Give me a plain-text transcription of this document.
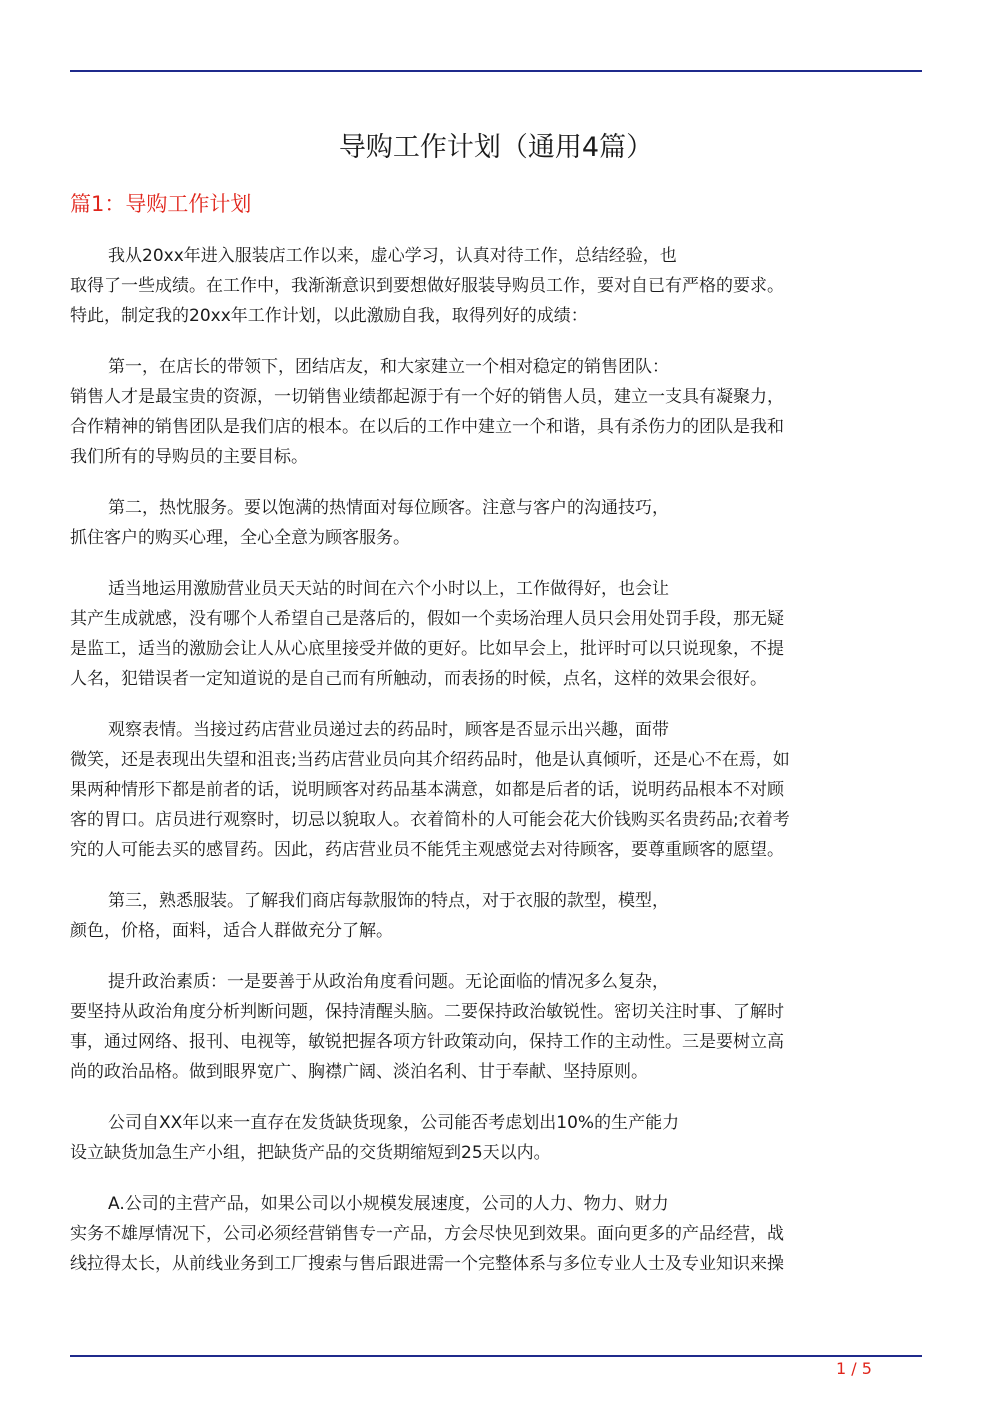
导购工作计划（通用4篇）
篇1：导购工作计划

我从20xx年进入服装店工作以来，虚心学习，认真对待工作，总结经验，也
取得了一些成绩。在工作中，我渐渐意识到要想做好服装导购员工作，要对自已有严格的要求。
特此，制定我的20xx年工作计划，以此激励自我，取得列好的成绩：

第一，在店长的带领下，团结店友，和大家建立一个相对稳定的销售团队：
销售人才是最宝贵的资源，一切销售业绩都起源于有一个好的销售人员，建立一支具有凝聚力，
合作精神的销售团队是我们店的根本。在以后的工作中建立一个和谐，具有杀伤力的团队是我和
我们所有的导购员的主要目标。

第二，热忱服务。要以饱满的热情面对每位顾客。注意与客户的沟通技巧，
抓住客户的购买心理，全心全意为顾客服务。

适当地运用激励营业员天天站的时间在六个小时以上，工作做得好，也会让
其产生成就感，没有哪个人希望自己是落后的，假如一个卖场治理人员只会用处罚手段，那无疑
是监工，适当的激励会让人从心底里接受并做的更好。比如早会上，批评时可以只说现象，不提
人名，犯错误者一定知道说的是自己而有所触动，而表扬的时候，点名，这样的效果会很好。

观察表情。当接过药店营业员递过去的药品时，顾客是否显示出兴趣，面带
微笑，还是表现出失望和沮丧;当药店营业员向其介绍药品时，他是认真倾听，还是心不在焉，如
果两种情形下都是前者的话，说明顾客对药品基本满意，如都是后者的话，说明药品根本不对顾
客的胃口。店员进行观察时，切忌以貌取人。衣着简朴的人可能会花大价钱购买名贵药品;衣着考
究的人可能去买的感冒药。因此，药店营业员不能凭主观感觉去对待顾客，要尊重顾客的愿望。

第三，熟悉服装。了解我们商店每款服饰的特点，对于衣服的款型，模型，
颜色，价格，面料，适合人群做充分了解。

提升政治素质：一是要善于从政治角度看问题。无论面临的情况多么复杂，
要坚持从政治角度分析判断问题，保持清醒头脑。二要保持政治敏锐性。密切关注时事、了解时
事，通过网络、报刊、电视等，敏锐把握各项方针政策动向，保持工作的主动性。三是要树立高
尚的政治品格。做到眼界宽广、胸襟广阔、淡泊名利、甘于奉献、坚持原则。

公司自XX年以来一直存在发货缺货现象，公司能否考虑划出10%的生产能力
设立缺货加急生产小组，把缺货产品的交货期缩短到25天以内。

A.公司的主营产品，如果公司以小规模发展速度，公司的人力、物力、财力
实务不雄厚情况下，公司必须经营销售专一产品，方会尽快见到效果。面向更多的产品经营，战
线拉得太长，从前线业务到工厂搜索与售后跟进需一个完整体系与多位专业人士及专业知识来操

1 / 5
